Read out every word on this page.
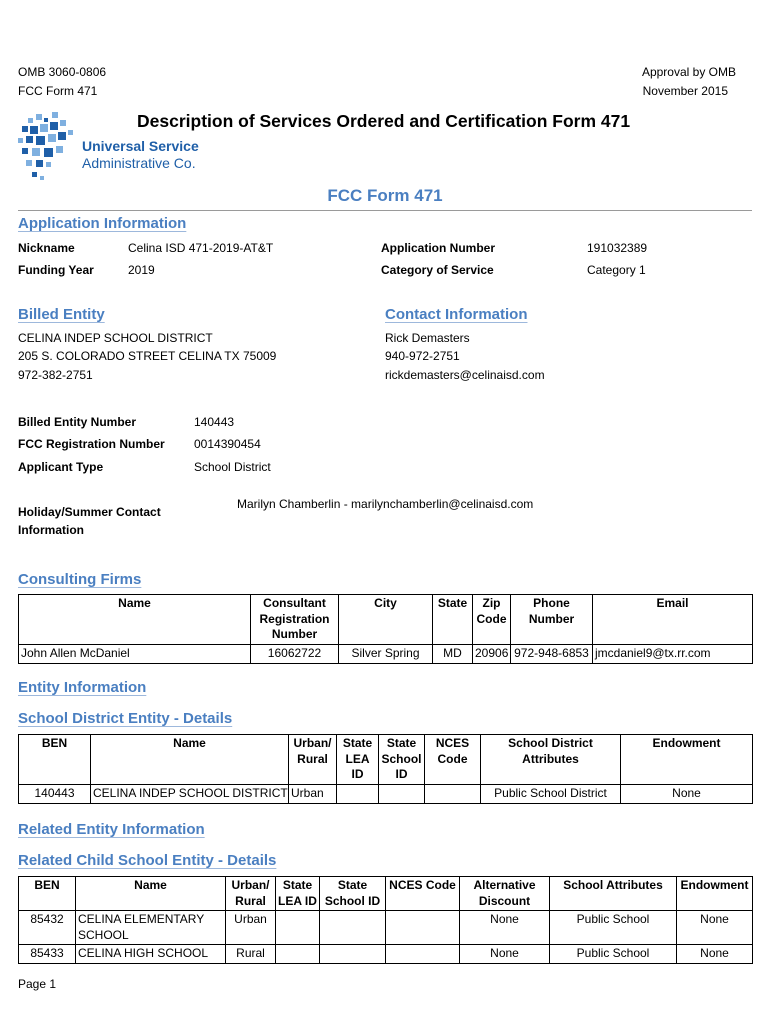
OMB 3060-0806
FCC Form 471
Approval by OMB
November 2015
Universal Service
Administrative Co.
Description of Services Ordered and Certification Form 471
FCC Form 471
Application Information
Nickname	Celina ISD 471-2019-AT&T	Application Number	191032389
Funding Year	2019	Category of Service	Category 1
Billed Entity	Contact Information
CELINA INDEP SCHOOL DISTRICT
205 S. COLORADO STREET CELINA TX 75009
972-382-2751
Rick Demasters
940-972-2751
rickdemasters@celinaisd.com
Billed Entity Number	140443
FCC Registration Number 0014390454
Applicant Type	School District
Holiday/Summer Contact
Information
Marilyn Chamberlin - marilynchamberlin@celinaisd.com
Consulting Firms
Name	Consultant Registration Number	City	State	Zip Code	Phone Number	Email
John Allen McDaniel	16062722	Silver Spring	MD	20906	972-948-6853	jmcdaniel9@tx.rr.com
Entity Information
School District Entity - Details
BEN	Name	Urban/ Rural	State LEA ID	State School ID	NCES Code	School District Attributes	Endowment
140443	CELINA INDEP SCHOOL DISTRICT	Urban				Public School District	None
Related Entity Information
Related Child School Entity - Details
BEN	Name	Urban/ Rural	State LEA ID	State School ID	NCES Code	Alternative Discount	School Attributes	Endowment
85432	CELINA ELEMENTARY SCHOOL	Urban				None	Public School	None
85433	CELINA HIGH SCHOOL	Rural				None	Public School	None
Page 1
